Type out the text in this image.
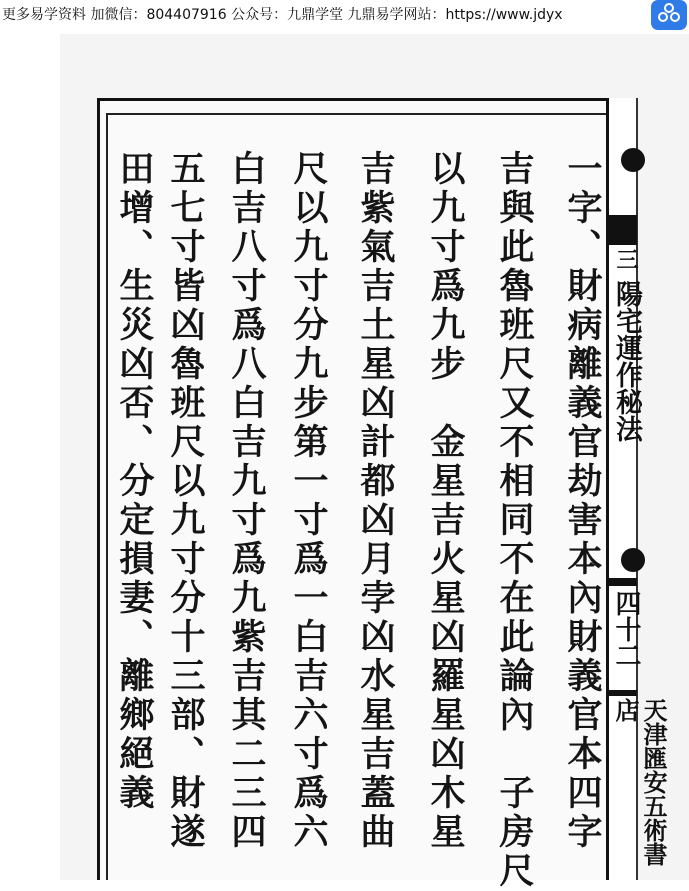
更多易学资料 加微信：804407916 公众号：九鼎学堂 九鼎易学网站：https://www.jdyx
一字、財病離義官劫害本內財義官本四字
吉與此魯班尺又不相同不在此論內　子房尺
以九寸爲九步　金星吉火星凶羅星凶木星
吉紫氣吉土星凶計都凶月孛凶水星吉蓋曲
尺以九寸分九步第一寸爲一白吉六寸爲六
白吉八寸爲八白吉九寸爲九紫吉其二三四
五七寸皆凶魯班尺以九寸分十三部、財遂
田增、生災凶否、分定損妻、離鄉絕義	三
陽宅運作秘法
四十二
天津匯安五術書店
